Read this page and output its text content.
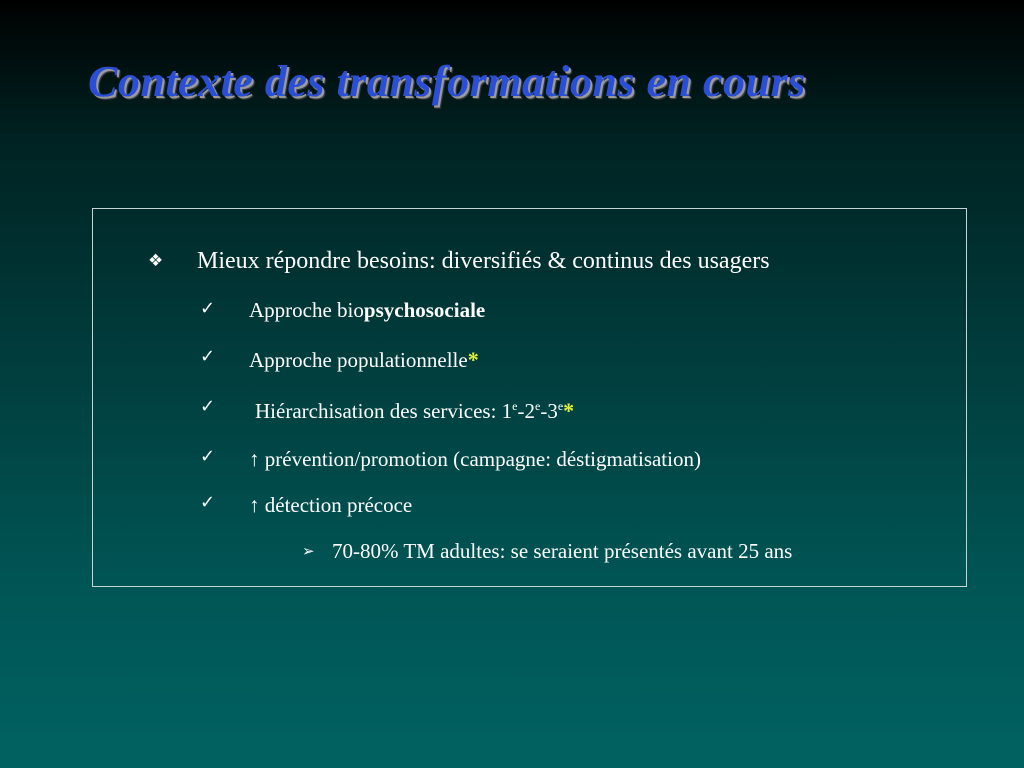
Contexte des transformations en cours
❖ Mieux répondre besoins: diversifiés & continus des usagers
✓ Approche biopsychosociale
✓ Approche populationnelle*
✓ Hiérarchisation des services: 1e-2e-3e*
✓ ↑ prévention/promotion (campagne: déstigmatisation)
✓ ↑ détection précoce
➢ 70-80% TM adultes: se seraient présentés avant 25 ans
